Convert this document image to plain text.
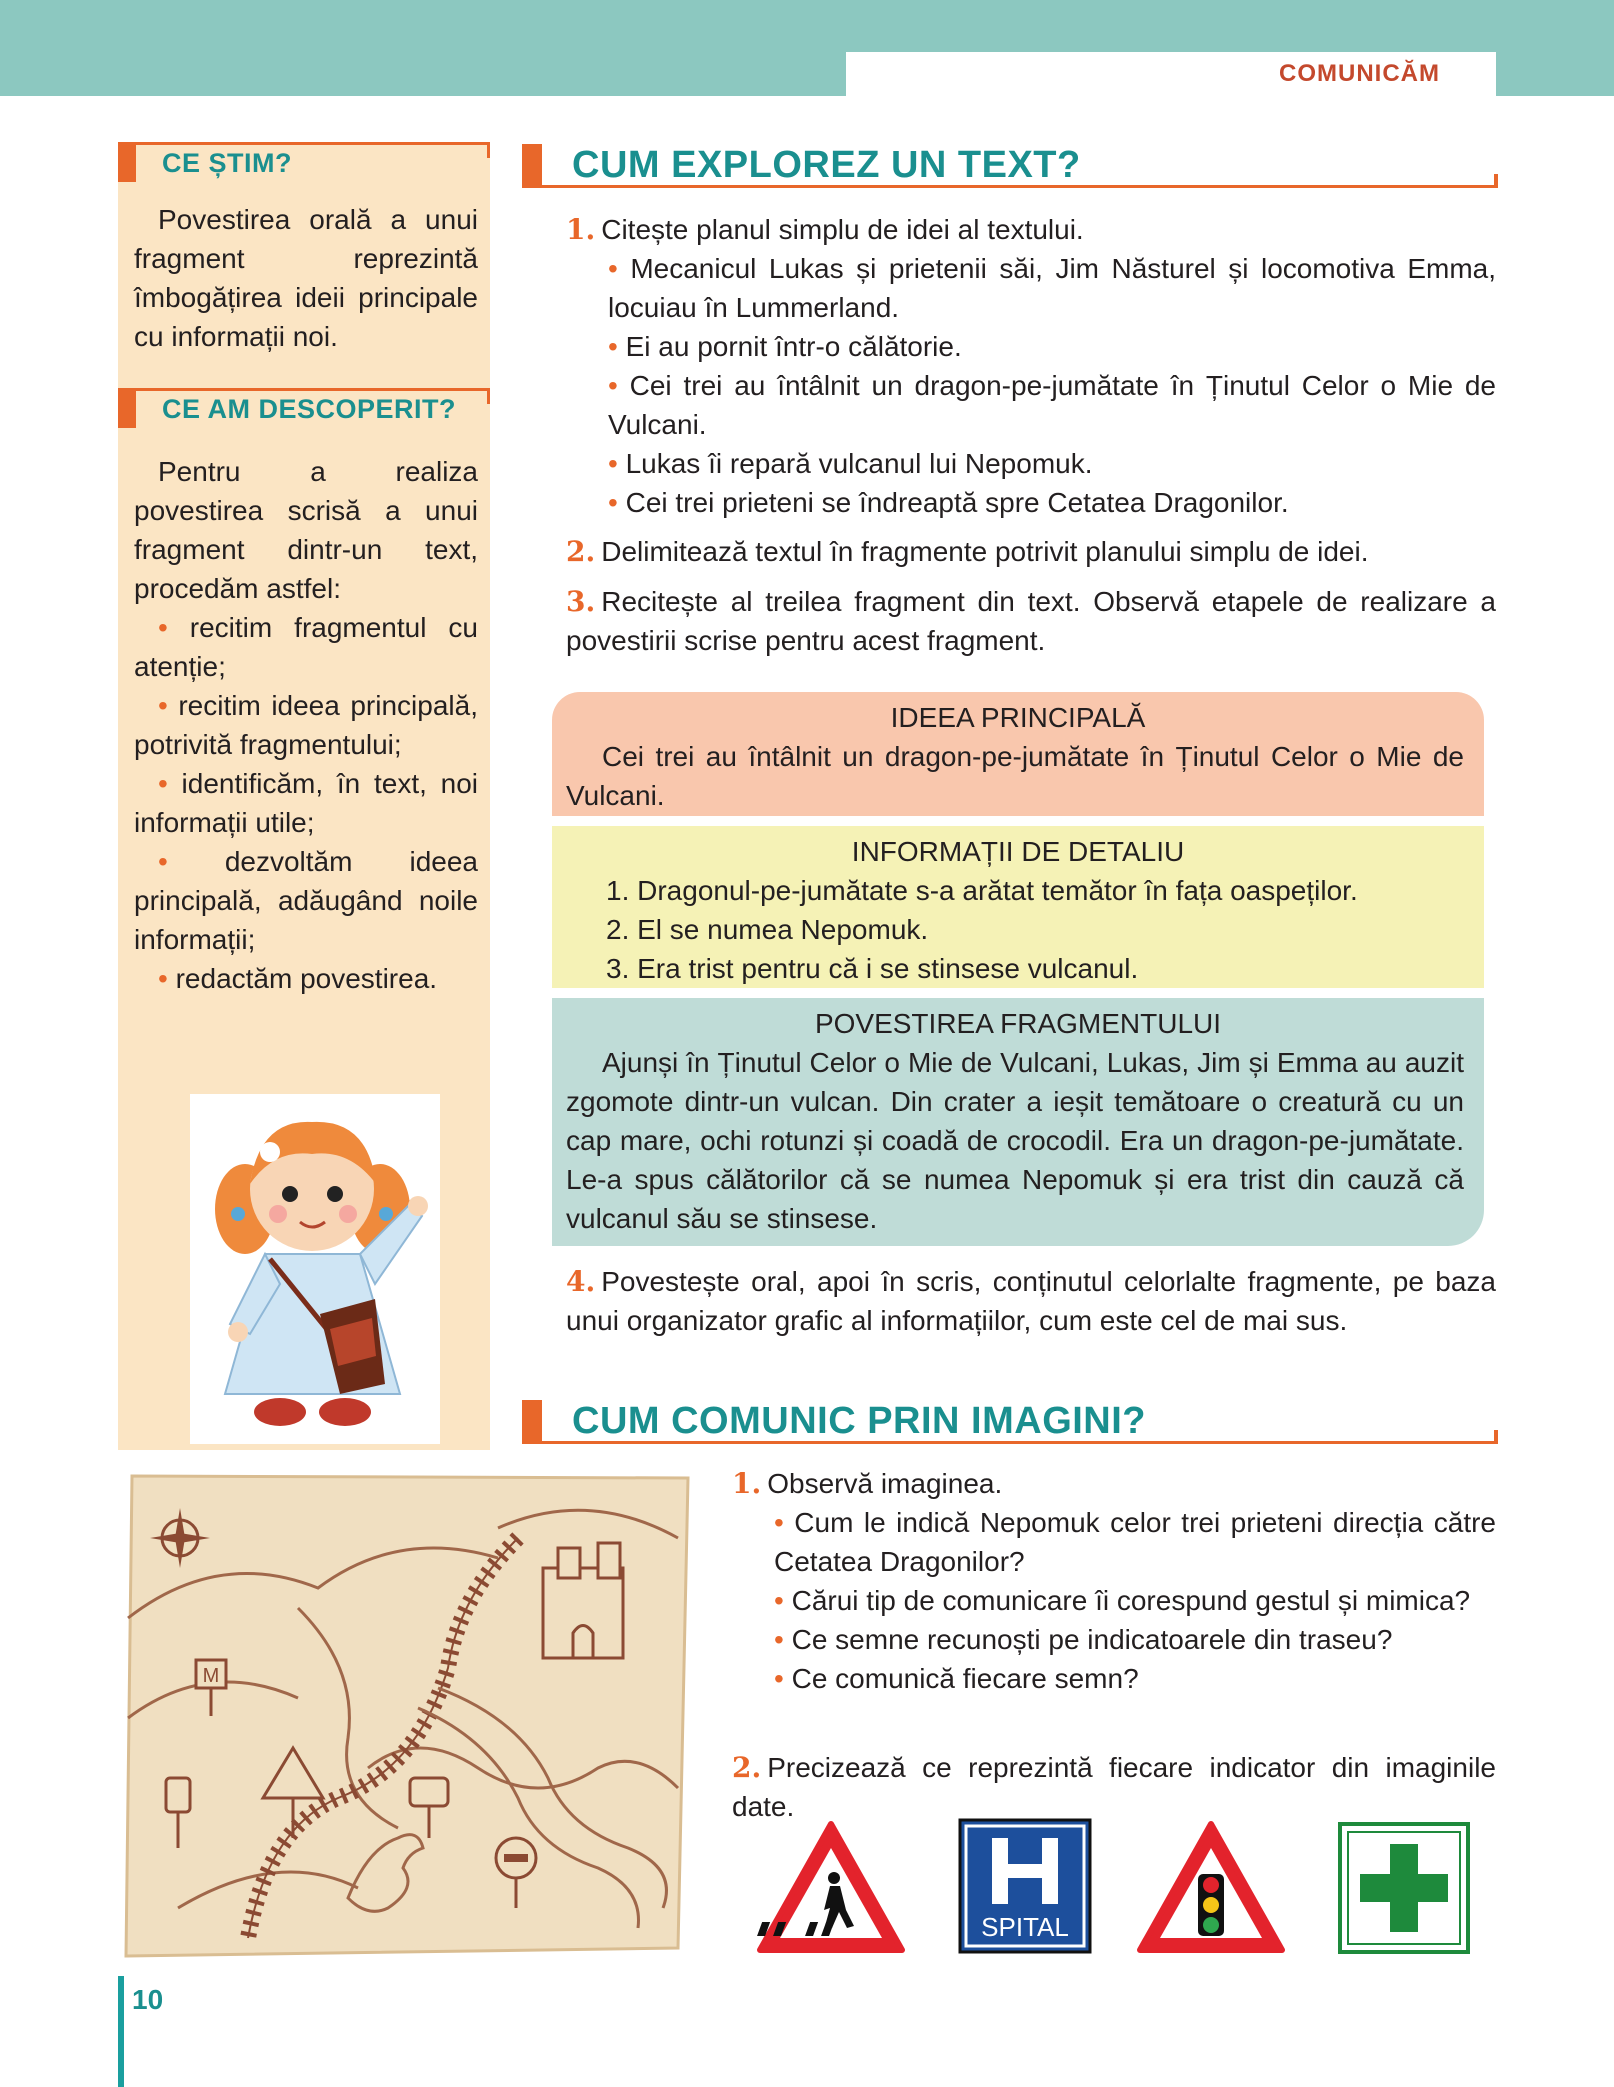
COMUNICĂM
CE ȘTIM?
Povestirea orală a unui fragment reprezintă îmbogățirea ideii principale cu informații noi.
CE AM DESCOPERIT?

Pentru a realiza povestirea scrisă a unui fragment dintr-un text, procedăm astfel:

• recitim fragmentul cu atenție;

• recitim ideea principală, potrivită fragmentului;

• identificăm, în text, noi informații utile;

• dezvoltăm ideea principală, adăugând noile informații;

• redactăm povestirea.

M
CUM EXPLOREZ UN TEXT?

1. Citește planul simplu de idei al textului.

• Mecanicul Lukas și prietenii săi, Jim Năsturel și locomotiva Emma, locuiau în Lummerland.

• Ei au pornit într-o călătorie.

• Cei trei au întâlnit un dragon-pe-jumătate în Ținutul Celor o Mie de Vulcani.

• Lukas îi repară vulcanul lui Nepomuk.

• Cei trei prieteni se îndreaptă spre Cetatea Dragonilor.

2. Delimitează textul în fragmente potrivit planului simplu de idei.

3. Recitește al treilea fragment din text. Observă etapele de realizare a povestirii scrise pentru acest fragment.

IDEEA PRINCIPALĂ
Cei trei au întâlnit un dragon-pe-jumătate în Ținutul Celor o Mie de Vulcani.
INFORMAȚII DE DETALIU
1. Dragonul-pe-jumătate s-a arătat temător în fața oaspeților.
2. El se numea Nepomuk.
3. Era trist pentru că i se stinsese vulcanul.
POVESTIREA FRAGMENTULUI
Ajunși în Ținutul Celor o Mie de Vulcani, Lukas, Jim și Emma au auzit zgomote dintr-un vulcan. Din crater a ieșit temătoare o creatură cu un cap mare, ochi rotunzi și coadă de crocodil. Era un dragon-pe-jumătate. Le-a spus călătorilor că se numea Nepomuk și era trist din cauză că vulcanul său se stinsese.

4. Povestește oral, apoi în scris, conținutul celorlalte fragmente, pe baza unui organizator grafic al informațiilor, cum este cel de mai sus.

CUM COMUNIC PRIN IMAGINI?

1. Observă imaginea.

• Cum le indică Nepomuk celor trei prieteni direcția către Cetatea Dragonilor?

• Cărui tip de comunicare îi corespund gestul și mimica?

• Ce semne recunoști pe indicatoarele din traseu?

• Ce comunică fiecare semn?

2. Precizează ce reprezintă fiecare indicator din imaginile date.

SPITAL
10
